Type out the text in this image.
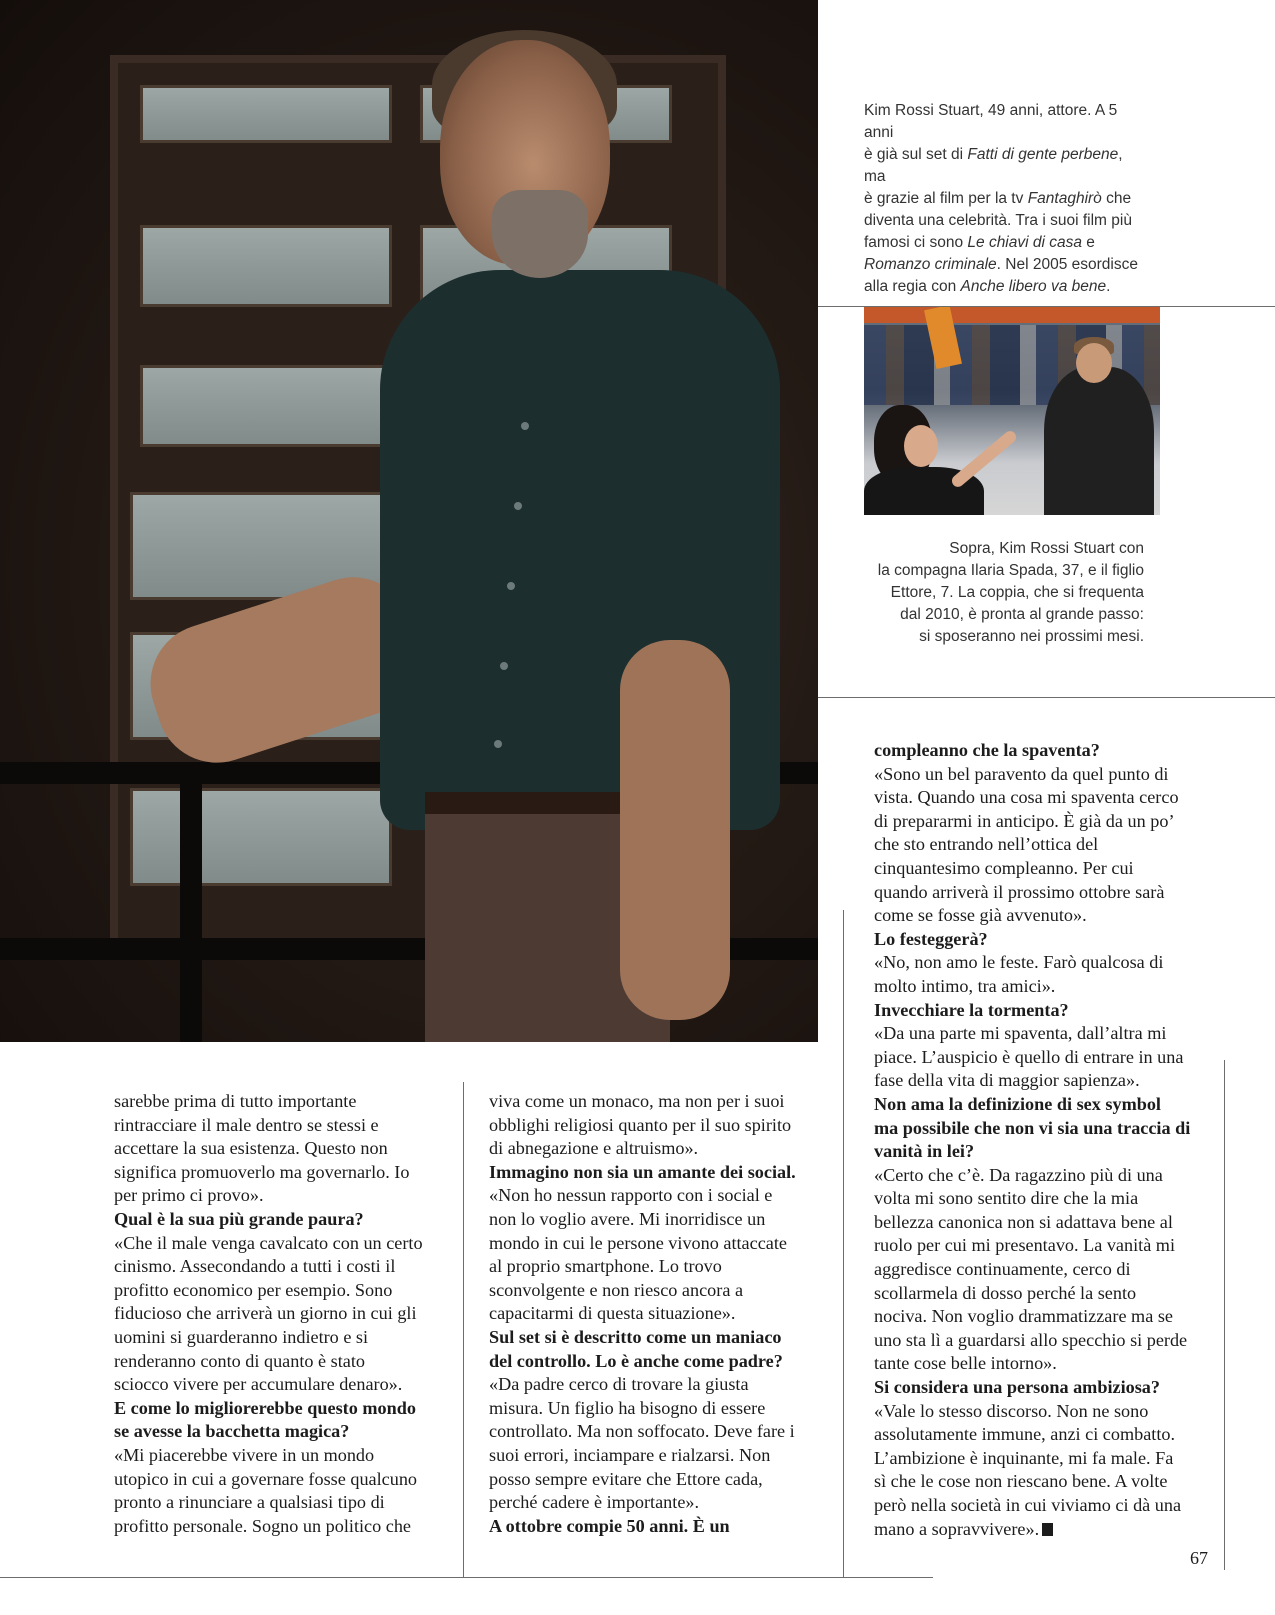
Kim Rossi Stuart, 49 anni, attore. A 5 anni
è già sul set di Fatti di gente perbene, ma
è grazie al film per la tv Fantaghirò che
diventa una celebrità. Tra i suoi film più
famosi ci sono Le chiavi di casa e
Romanzo criminale. Nel 2005 esordisce
alla regia con Anche libero va bene.
Sopra, Kim Rossi Stuart con
la compagna Ilaria Spada, 37, e il figlio
Ettore, 7. La coppia, che si frequenta
dal 2010, è pronta al grande passo:
si sposeranno nei prossimi mesi.

sarebbe prima di tutto importante

rintracciare il male dentro se stessi e

accettare la sua esistenza. Questo non

significa promuoverlo ma governarlo. Io

per primo ci provo».

Qual è la sua più grande paura?

«Che il male venga cavalcato con un certo

cinismo. Assecondando a tutti i costi il

profitto economico per esempio. Sono

fiducioso che arriverà un giorno in cui gli

uomini si guarderanno indietro e si

renderanno conto di quanto è stato

sciocco vivere per accumulare denaro».

E come lo migliorerebbe questo mondo

se avesse la bacchetta magica?

«Mi piacerebbe vivere in un mondo

utopico in cui a governare fosse qualcuno

pronto a rinunciare a qualsiasi tipo di

profitto personale. Sogno un politico che

viva come un monaco, ma non per i suoi

obblighi religiosi quanto per il suo spirito

di abnegazione e altruismo».

Immagino non sia un amante dei social.

«Non ho nessun rapporto con i social e

non lo voglio avere. Mi inorridisce un

mondo in cui le persone vivono attaccate

al proprio smartphone. Lo trovo

sconvolgente e non riesco ancora a

capacitarmi di questa situazione».

Sul set si è descritto come un maniaco

del controllo. Lo è anche come padre?

«Da padre cerco di trovare la giusta

misura. Un figlio ha bisogno di essere

controllato. Ma non soffocato. Deve fare i

suoi errori, inciampare e rialzarsi. Non

posso sempre evitare che Ettore cada,

perché cadere è importante».

A ottobre compie 50 anni. È un

compleanno che la spaventa?

«Sono un bel paravento da quel punto di

vista. Quando una cosa mi spaventa cerco

di prepararmi in anticipo. È già da un po’

che sto entrando nell’ottica del

cinquantesimo compleanno. Per cui

quando arriverà il prossimo ottobre sarà

come se fosse già avvenuto».

Lo festeggerà?

«No, non amo le feste. Farò qualcosa di

molto intimo, tra amici».

Invecchiare la tormenta?

«Da una parte mi spaventa, dall’altra mi

piace. L’auspicio è quello di entrare in una

fase della vita di maggior sapienza».

Non ama la definizione di sex symbol

ma possibile che non vi sia una traccia di

vanità in lei?

«Certo che c’è. Da ragazzino più di una

volta mi sono sentito dire che la mia

bellezza canonica non si adattava bene al

ruolo per cui mi presentavo. La vanità mi

aggredisce continuamente, cerco di

scollarmela di dosso perché la sento

nociva. Non voglio drammatizzare ma se

uno sta lì a guardarsi allo specchio si perde

tante cose belle intorno».

Si considera una persona ambiziosa?

«Vale lo stesso discorso. Non ne sono

assolutamente immune, anzi ci combatto.

L’ambizione è inquinante, mi fa male. Fa

sì che le cose non riescano bene. A volte

però nella società in cui viviamo ci dà una

mano a sopravvivere».

67
